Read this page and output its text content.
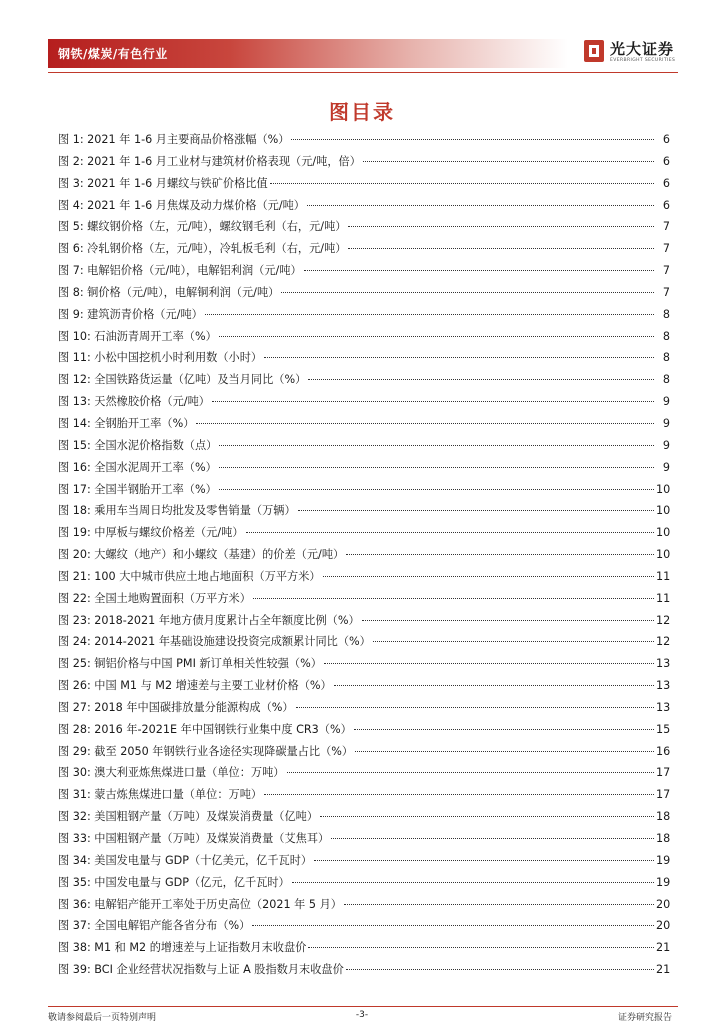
钢铁/煤炭/有色行业	光大证券
EVERBRIGHT SECURITIES
图目录
图 1: 2021 年 1-6 月主要商品价格涨幅（%）	6
图 2: 2021 年 1-6 月工业材与建筑材价格表现（元/吨，倍）	6
图 3: 2021 年 1-6 月螺纹与铁矿价格比值	6
图 4: 2021 年 1-6 月焦煤及动力煤价格（元/吨）	6
图 5: 螺纹钢价格（左，元/吨），螺纹钢毛利（右，元/吨）	7
图 6: 冷轧钢价格（左，元/吨），冷轧板毛利（右，元/吨）	7
图 7: 电解铝价格（元/吨），电解铝利润（元/吨）	7
图 8: 铜价格（元/吨），电解铜利润（元/吨）	7
图 9: 建筑沥青价格（元/吨）	8
图 10: 石油沥青周开工率（%）	8
图 11: 小松中国挖机小时利用数（小时）	8
图 12: 全国铁路货运量（亿吨）及当月同比（%）	8
图 13: 天然橡胶价格（元/吨）	9
图 14: 全钢胎开工率（%）	9
图 15: 全国水泥价格指数（点）	9
图 16: 全国水泥周开工率（%）	9
图 17: 全国半钢胎开工率（%）	10
图 18: 乘用车当周日均批发及零售销量（万辆）	10
图 19: 中厚板与螺纹价格差（元/吨）	10
图 20: 大螺纹（地产）和小螺纹（基建）的价差（元/吨）	10
图 21: 100 大中城市供应土地占地面积（万平方米）	11
图 22: 全国土地购置面积（万平方米）	11
图 23: 2018-2021 年地方债月度累计占全年额度比例（%）	12
图 24: 2014-2021 年基础设施建设投资完成额累计同比（%）	12
图 25: 铜铝价格与中国 PMI 新订单相关性较强（%）	13
图 26: 中国 M1 与 M2 增速差与主要工业材价格（%）	13
图 27: 2018 年中国碳排放量分能源构成（%）	13
图 28: 2016 年-2021E 年中国钢铁行业集中度 CR3（%）	15
图 29: 截至 2050 年钢铁行业各途径实现降碳量占比（%）	16
图 30: 澳大利亚炼焦煤进口量（单位：万吨）	17
图 31: 蒙古炼焦煤进口量（单位：万吨）	17
图 32: 美国粗钢产量（万吨）及煤炭消费量（亿吨）	18
图 33: 中国粗钢产量（万吨）及煤炭消费量（艾焦耳）	18
图 34: 美国发电量与 GDP（十亿美元，亿千瓦时）	19
图 35: 中国发电量与 GDP（亿元，亿千瓦时）	19
图 36: 电解铝产能开工率处于历史高位（2021 年 5 月）	20
图 37: 全国电解铝产能各省分布（%）	20
图 38: M1 和 M2 的增速差与上证指数月末收盘价	21
图 39: BCI 企业经营状况指数与上证 A 股指数月末收盘价	21
敬请参阅最后一页特别声明	-3-	证券研究报告
